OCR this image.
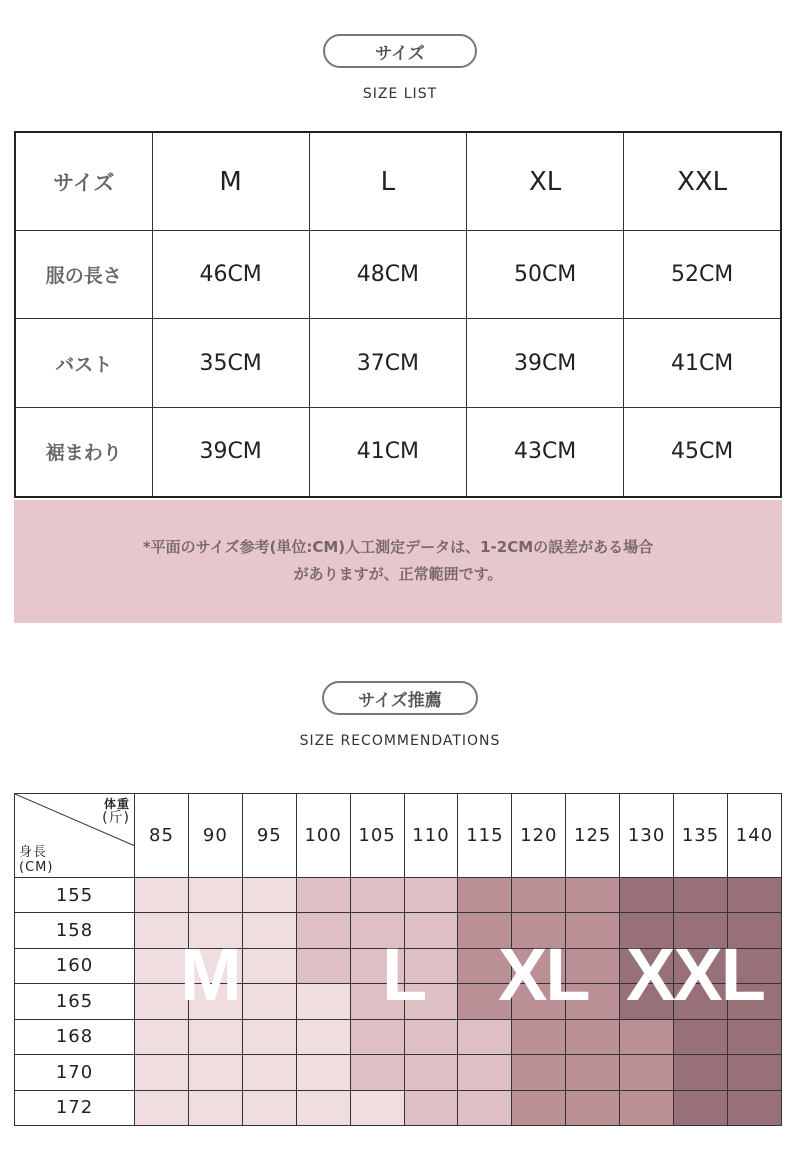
サイズ
SIZE LIST
サイズ	M	L	XL	XXL
服の長さ	46CM	48CM	50CM	52CM
バスト	35CM	37CM	39CM	41CM
裾まわり	39CM	41CM	43CM	45CM
*平面のサイズ参考(単位:CM)人工測定データは、1-2CMの誤差がある場合
がありますが、正常範囲です。
サイズ推薦
SIZE RECOMMENDATIONS
体重
(斤)
身長
(CM)	85	90	95	100	105	110	115	120	125	130	135	140
155												
158												
160												
165												
168												
170												
172												
M L XL XXL
